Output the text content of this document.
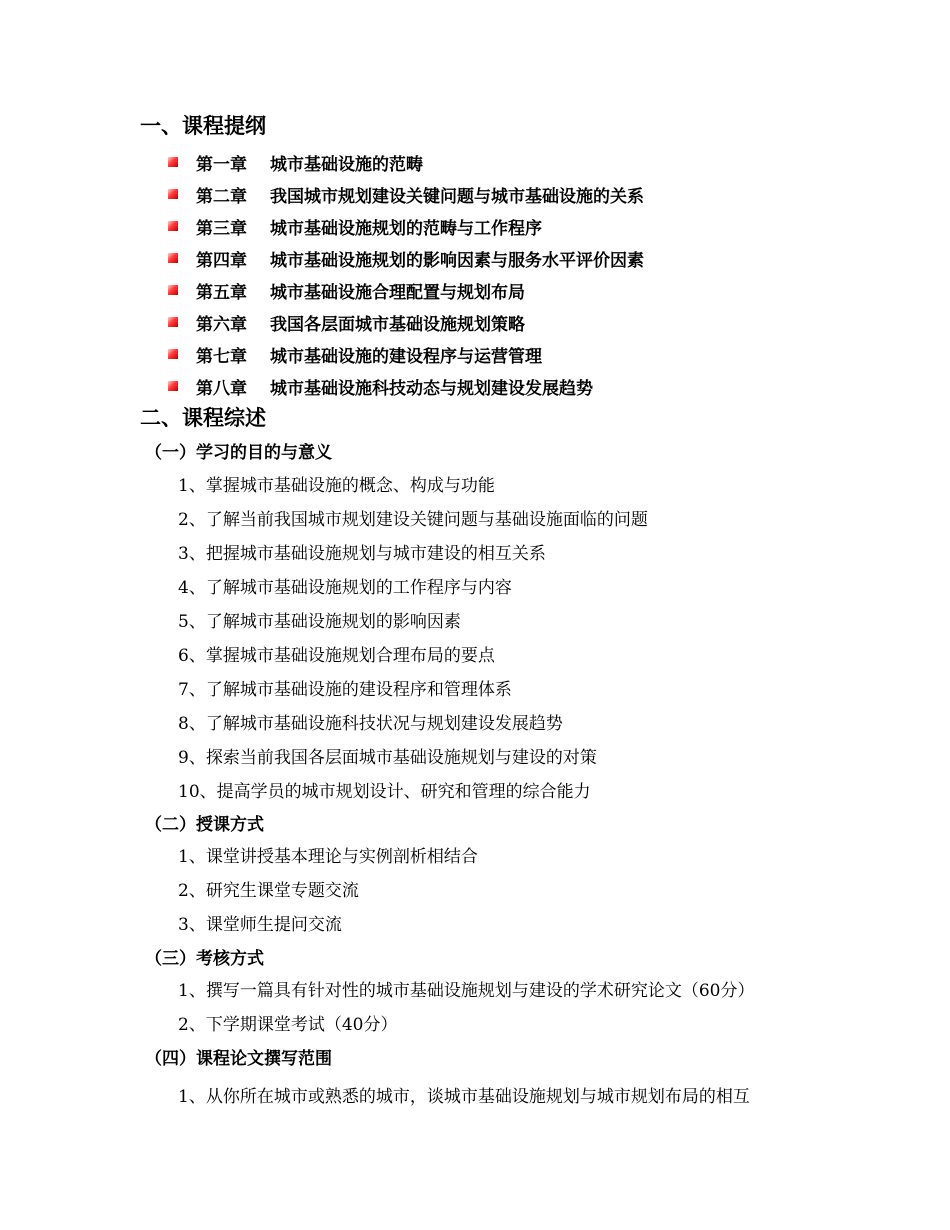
一、课程提纲
第一章	城市基础设施的范畴
第二章	我国城市规划建设关键问题与城市基础设施的关系
第三章	城市基础设施规划的范畴与工作程序
第四章	城市基础设施规划的影响因素与服务水平评价因素
第五章	城市基础设施合理配置与规划布局
第六章	我国各层面城市基础设施规划策略
第七章	城市基础设施的建设程序与运营管理
第八章	城市基础设施科技动态与规划建设发展趋势
二、课程综述
（一）学习的目的与意义
1、掌握城市基础设施的概念、构成与功能
2、了解当前我国城市规划建设关键问题与基础设施面临的问题
3、把握城市基础设施规划与城市建设的相互关系
4、了解城市基础设施规划的工作程序与内容
5、了解城市基础设施规划的影响因素
6、掌握城市基础设施规划合理布局的要点
7、了解城市基础设施的建设程序和管理体系
8、了解城市基础设施科技状况与规划建设发展趋势
9、探索当前我国各层面城市基础设施规划与建设的对策
10、提高学员的城市规划设计、研究和管理的综合能力
（二）授课方式
1、课堂讲授基本理论与实例剖析相结合
2、研究生课堂专题交流
3、课堂师生提问交流
（三）考核方式
1、撰写一篇具有针对性的城市基础设施规划与建设的学术研究论文（60分）
2、下学期课堂考试（40分）
（四）课程论文撰写范围
1、从你所在城市或熟悉的城市，谈城市基础设施规划与城市规划布局的相互
